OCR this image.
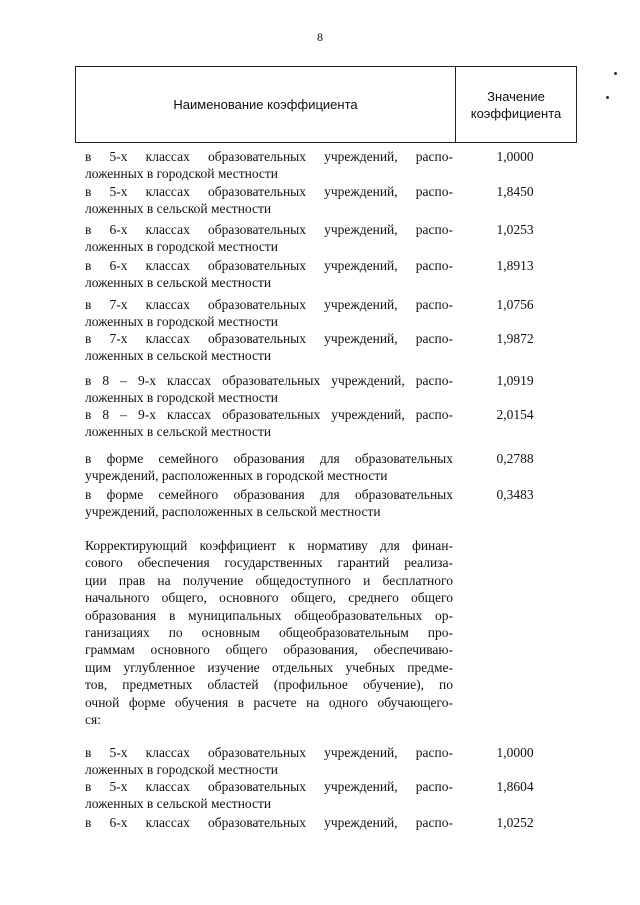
8
Наименование коэффициента
Значение
коэффициента
в 5-х классах образовательных учреждений, распо-
ложенных в городской местности
1,0000
в 5-х классах образовательных учреждений, распо-
ложенных в сельской местности
1,8450
в 6-х классах образовательных учреждений, распо-
ложенных в городской местности
1,0253
в 6-х классах образовательных учреждений, распо-
ложенных в сельской местности
1,8913
в 7-х классах образовательных учреждений, распо-
ложенных в городской местности
1,0756
в 7-х классах образовательных учреждений, распо-
ложенных в сельской местности
1,9872
в 8 – 9-х классах образовательных учреждений, распо-
ложенных в городской местности
1,0919
в 8 – 9-х классах образовательных учреждений, распо-
ложенных в сельской местности
2,0154
в форме семейного образования для образовательных
учреждений, расположенных в городской местности
0,2788
в форме семейного образования для образовательных
учреждений, расположенных в сельской местности
0,3483
Корректирующий коэффициент к нормативу для финан-
сового обеспечения государственных гарантий реализа-
ции прав на получение общедоступного и бесплатного
начального общего, основного общего, среднего общего
образования в муниципальных общеобразовательных ор-
ганизациях по основным общеобразовательным про-
граммам основного общего образования, обеспечиваю-
щим углубленное изучение отдельных учебных предме-
тов, предметных областей (профильное обучение), по
очной форме обучения в расчете на одного обучающего-
ся:
в 5-х классах образовательных учреждений, распо-
ложенных в городской местности
1,0000
в 5-х классах образовательных учреждений, распо-
ложенных в сельской местности
1,8604
в 6-х классах образовательных учреждений, распо-	1,0252
